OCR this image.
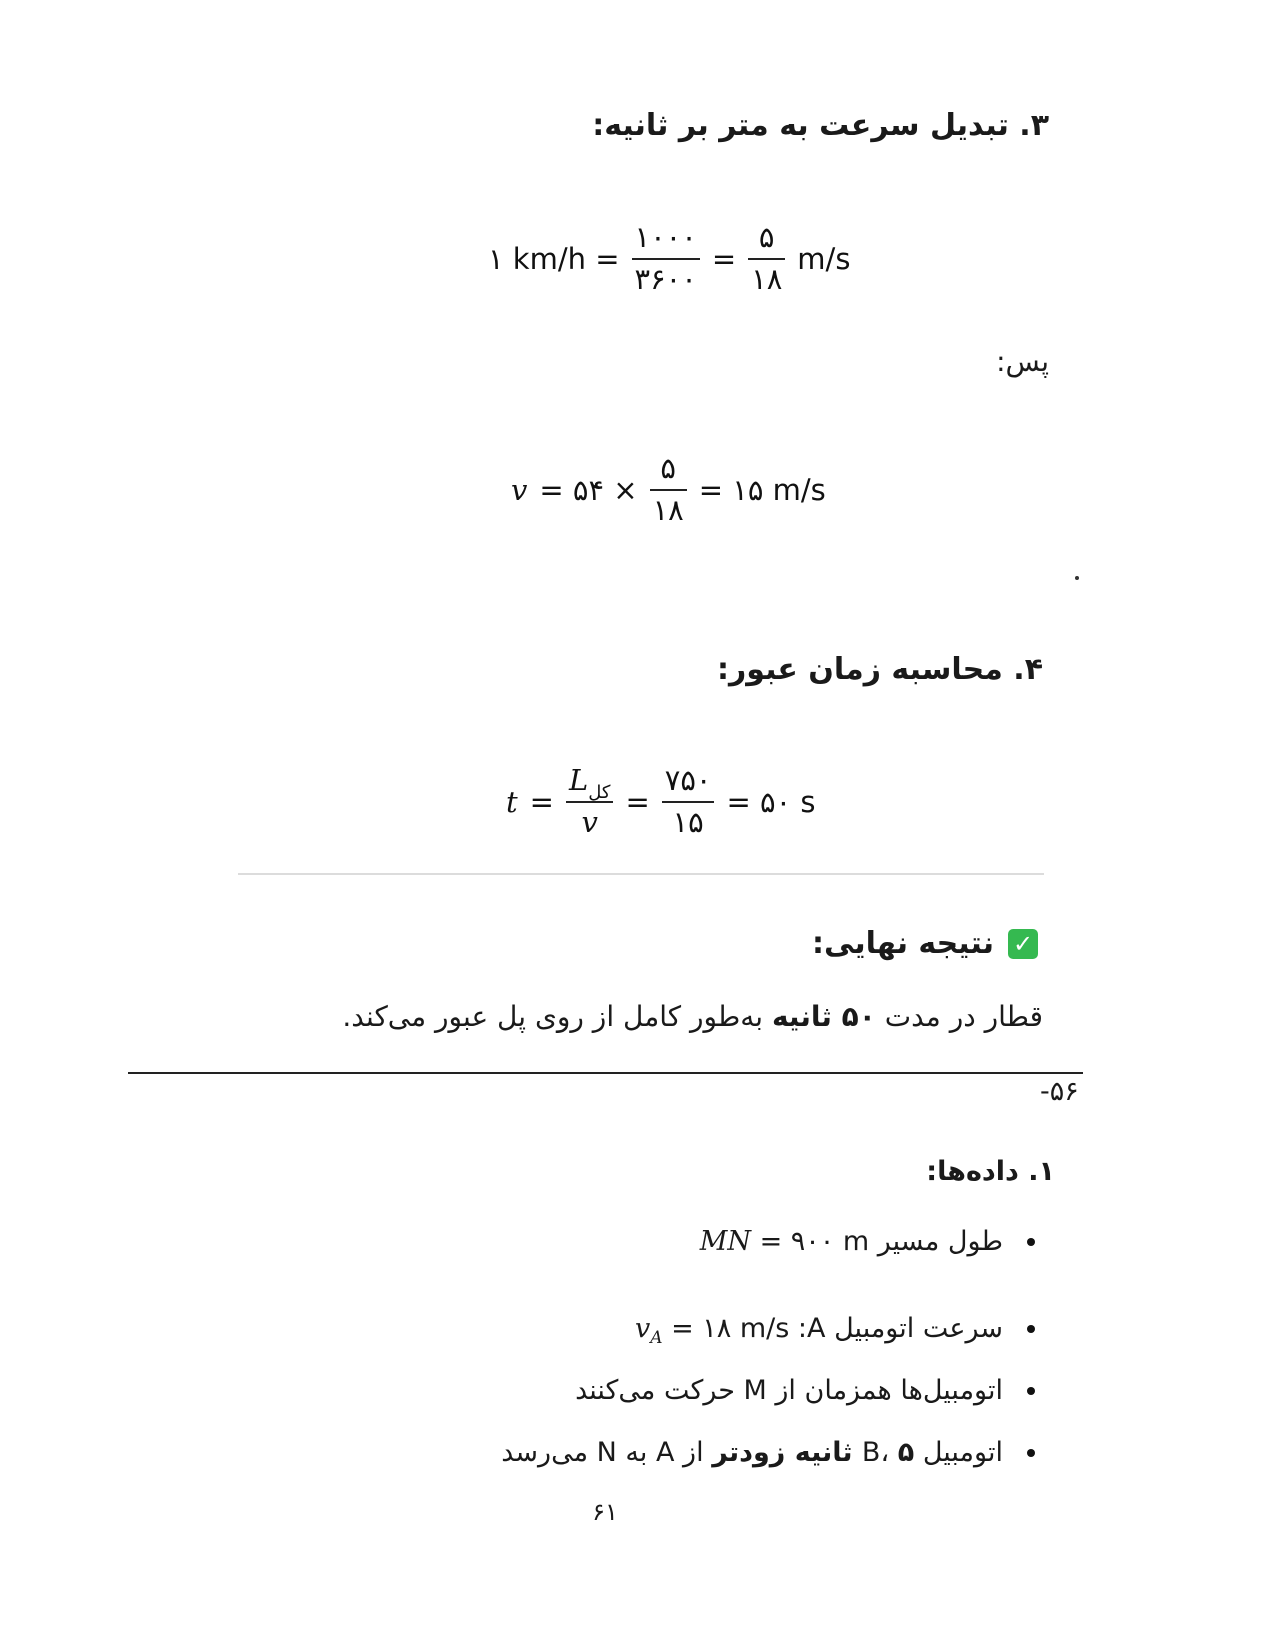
۳. تبدیل سرعت به متر بر ثانیه:
۱ $km/h = \frac{۱۰۰۰}{۳۶۰۰} = \frac{۵}{۱۸} m/s$
پس:
v = ۵۴ × $\frac{۵}{۱۸}$ = ۱۵ m/s
۴. محاسبه زمان عبور:
$t = \frac{L_{کل}}{v} = \frac{۷۵۰}{۱۵}$ = ۵۰ s
✓
نتیجه نهایی:
قطار در مدت ۵۰ ثانیه به‌طور کامل از روی پل عبور می‌کند.
-۵۶
۱. داده‌ها:
طول مسیر MN = ۹۰۰ m
سرعت اتومبیل A: $v_A$ = ۱۸ m/s
اتومبیل‌ها همزمان از M حرکت می‌کنند
اتومبیل B، ۵ ثانیه زودتر از A به N می‌رسد
۶۱
